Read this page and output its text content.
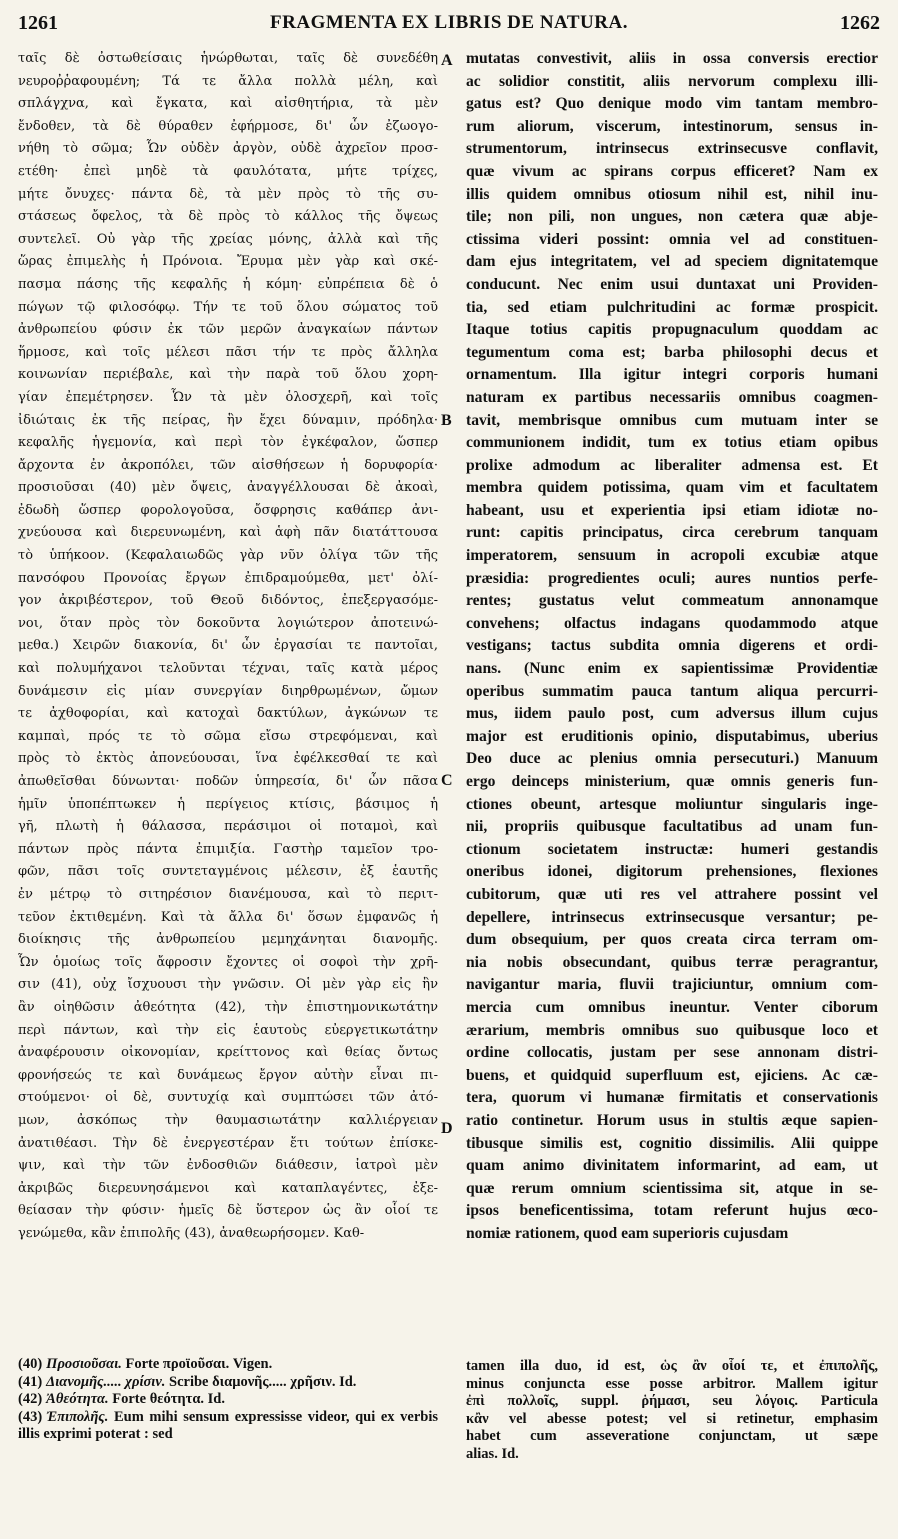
1261	FRAGMENTA EX LIBRIS DE NATURA.	1262
ταῖς δὲ ὀστωθείσαις ἡνώρθωται, ταῖς δὲ συνεδέθη
νευροῤῥαφουμένη; Τά τε ἄλλα πολλὰ μέλη, καὶ
σπλάγχνα, καὶ ἔγκατα, καὶ αἰσθητήρια, τὰ μὲν
ἔνδοθεν, τὰ δὲ θύραθεν ἐφήρμοσε, δι' ὧν ἐζωογο-
νήθη τὸ σῶμα; Ὧν οὐδὲν ἀργὸν, οὐδὲ ἀχρεῖον προσ-
ετέθη· ἐπεὶ μηδὲ τὰ φαυλότατα, μήτε τρίχες,
μήτε ὄνυχες· πάντα δὲ, τὰ μὲν πρὸς τὸ τῆς συ-
στάσεως ὄφελος, τὰ δὲ πρὸς τὸ κάλλος τῆς ὄψεως
συντελεῖ. Οὐ γὰρ τῆς χρείας μόνης, ἀλλὰ καὶ τῆς
ὥρας ἐπιμελὴς ἡ Πρόνοια. Ἔρυμα μὲν γὰρ καὶ σκέ-
πασμα πάσης τῆς κεφαλῆς ἡ κόμη· εὐπρέπεια δὲ ὁ
πώγων τῷ φιλοσόφῳ. Τήν τε τοῦ ὅλου σώματος τοῦ
ἀνθρωπείου φύσιν ἐκ τῶν μερῶν ἀναγκαίων πάντων
ἥρμοσε, καὶ τοῖς μέλεσι πᾶσι τήν τε πρὸς ἄλληλα
κοινωνίαν περιέβαλε, καὶ τὴν παρὰ τοῦ ὅλου χορη-
γίαν ἐπεμέτρησεν. Ὧν τὰ μὲν ὁλοσχερῆ, καὶ τοῖς
ἰδιώταις ἐκ τῆς πείρας, ἣν ἔχει δύναμιν, πρόδηλα·
κεφαλῆς ἡγεμονία, καὶ περὶ τὸν ἐγκέφαλον, ὥσπερ
ἄρχοντα ἐν ἀκροπόλει, τῶν αἰσθήσεων ἡ δορυφορία·
προσιοῦσαι (40) μὲν ὄψεις, ἀναγγέλλουσαι δὲ ἀκοαὶ,
ἐδωδὴ ὥσπερ φορολογοῦσα, ὄσφρησις καθάπερ ἀνι-
χνεύουσα καὶ διερευνωμένη, καὶ ἁφὴ πᾶν διατάττουσα
τὸ ὑπήκοον. (Κεφαλαιωδῶς γὰρ νῦν ὀλίγα τῶν τῆς
πανσόφου Προνοίας ἔργων ἐπιδραμούμεθα, μετ' ὀλί-
γον ἀκριβέστερον, τοῦ Θεοῦ διδόντος, ἐπεξεργασόμε-
νοι, ὅταν πρὸς τὸν δοκοῦντα λογιώτερον ἀποτεινώ-
μεθα.) Χειρῶν διακονία, δι' ὧν ἐργασίαι τε παντοῖαι,
καὶ πολυμήχανοι τελοῦνται τέχναι, ταῖς κατὰ μέρος
δυνάμεσιν εἰς μίαν συνεργίαν διηρθρωμένων, ὤμων
τε ἀχθοφορίαι, καὶ κατοχαὶ δακτύλων, ἀγκώνων τε
καμπαὶ, πρός τε τὸ σῶμα εἴσω στρεφόμεναι, καὶ
πρὸς τὸ ἐκτὸς ἀπονεύουσαι, ἵνα ἐφέλκεσθαί τε καὶ
ἀπωθεῖσθαι δύνωνται· ποδῶν ὑπηρεσία, δι' ὧν πᾶσα
ἡμῖν ὑποπέπτωκεν ἡ περίγειος κτίσις, βάσιμος ἡ
γῆ, πλωτὴ ἡ θάλασσα, περάσιμοι οἱ ποταμοὶ, καὶ
πάντων πρὸς πάντα ἐπιμιξία. Γαστὴρ ταμεῖον τρο-
φῶν, πᾶσι τοῖς συντεταγμένοις μέλεσιν, ἐξ ἑαυτῆς
ἐν μέτρῳ τὸ σιτηρέσιον διανέμουσα, καὶ τὸ περιτ-
τεῦον ἐκτιθεμένη. Καὶ τὰ ἄλλα δι' ὅσων ἐμφανῶς ἡ
διοίκησις τῆς ἀνθρωπείου μεμηχάνηται διανομῆς.
Ὧν ὁμοίως τοῖς ἄφροσιν ἔχοντες οἱ σοφοὶ τὴν χρῆ-
σιν (41), οὐχ ἴσχυουσι τὴν γνῶσιν. Οἱ μὲν γὰρ εἰς ἣν
ἂν οἰηθῶσιν ἀθεότητα (42), τὴν ἐπιστημονικωτάτην
περὶ πάντων, καὶ τὴν εἰς ἑαυτοὺς εὐεργετικωτάτην
ἀναφέρουσιν οἰκονομίαν, κρείττονος καὶ θείας ὄντως
φρονήσεώς τε καὶ δυνάμεως ἔργον αὐτὴν εἶναι πι-
στούμενοι· οἱ δὲ, συντυχίᾳ καὶ συμπτώσει τῶν ἀτό-
μων, ἀσκόπως τὴν θαυμασιωτάτην καλλιέργειαν
ἀνατιθέασι. Τὴν δὲ ἐνεργεστέραν ἔτι τούτων ἐπίσκε-
ψιν, καὶ τὴν τῶν ἐνδοσθιῶν διάθεσιν, ἰατροὶ μὲν
ἀκριβῶς διερευνησάμενοι καὶ καταπλαγέντες, ἐξε-
θείασαν τὴν φύσιν· ἡμεῖς δὲ ὕστερον ὡς ἂν οἷοί τε
γενώμεθα, κἂν ἐπιπολῆς (43), ἀναθεωρήσομεν. Καθ-
A
B
C
D
mutatas convestivit, aliis in ossa conversis erectior
ac solidior constitit, aliis nervorum complexu illi-
gatus est? Quo denique modo vim tantam membro-
rum aliorum, viscerum, intestinorum, sensus in-
strumentorum, intrinsecus extrinsecusve conflavit,
quæ vivum ac spirans corpus efficeret? Nam ex
illis quidem omnibus otiosum nihil est, nihil inu-
tile; non pili, non ungues, non cætera quæ abje-
ctissima videri possint: omnia vel ad constituen-
dam ejus integritatem, vel ad speciem dignitatemque
conducunt. Nec enim usui duntaxat uni Providen-
tia, sed etiam pulchritudini ac formæ prospicit.
Itaque totius capitis propugnaculum quoddam ac
tegumentum coma est; barba philosophi decus et
ornamentum. Illa igitur integri corporis humani
naturam ex partibus necessariis omnibus coagmen-
tavit, membrisque omnibus cum mutuam inter se
communionem indidit, tum ex totius etiam opibus
prolixe admodum ac liberaliter admensa est. Et
membra quidem potissima, quam vim et facultatem
habeant, usu et experientia ipsi etiam idiotæ no-
runt: capitis principatus, circa cerebrum tanquam
imperatorem, sensuum in acropoli excubiæ atque
præsidia: progredientes oculi; aures nuntios perfe-
rentes; gustatus velut commeatum annonamque
convehens; olfactus indagans quodammodo atque
vestigans; tactus subdita omnia digerens et ordi-
nans. (Nunc enim ex sapientissimæ Providentiæ
operibus summatim pauca tantum aliqua percurri-
mus, iidem paulo post, cum adversus illum cujus
major est eruditionis opinio, disputabimus, uberius
Deo duce ac plenius omnia persecuturi.) Manuum
ergo deinceps ministerium, quæ omnis generis fun-
ctiones obeunt, artesque moliuntur singularis inge-
nii, propriis quibusque facultatibus ad unam fun-
ctionum societatem instructæ: humeri gestandis
oneribus idonei, digitorum prehensiones, flexiones
cubitorum, quæ uti res vel attrahere possint vel
depellere, intrinsecus extrinsecusque versantur; pe-
dum obsequium, per quos creata circa terram om-
nia nobis obsecundant, quibus terræ peragrantur,
navigantur maria, fluvii trajiciuntur, omnium com-
mercia cum omnibus ineuntur. Venter ciborum
ærarium, membris omnibus suo quibusque loco et
ordine collocatis, justam per sese annonam distri-
buens, et quidquid superfluum est, ejiciens. Ac cæ-
tera, quorum vi humanæ firmitatis et conservationis
ratio continetur. Horum usus in stultis æque sapien-
tibusque similis est, cognitio dissimilis. Alii quippe
quam animo divinitatem informarint, ad eam, ut
quæ rerum omnium scientissima sit, atque in se-
ipsos beneficentissima, totam referunt hujus œco-
nomiæ rationem, quod eam superioris cujusdam
(40) Προσιοῦσαι. Forte προϊοῦσαι. Vigen.
(41) Διανομῆς..... χρίσιν. Scribe διαμονῆς..... χρῆσιν. Id.
(42) Ἀθεότητα. Forte θεότητα. Id.
(43) Ἐπιπολῆς. Eum mihi sensum expressisse videor, qui ex verbis illis exprimi poterat : sed
tamen illa duo, id est, ὡς ἂν οἷοί τε, et ἐπιπολῆς,
minus conjuncta esse posse arbitror. Mallem igitur
ἐπὶ πολλοῖς, suppl. ῥήμασι, seu λόγοις. Particula
κἂν vel abesse potest; vel si retinetur, emphasim
habet cum asseveratione conjunctam, ut sæpe
alias. Id.
